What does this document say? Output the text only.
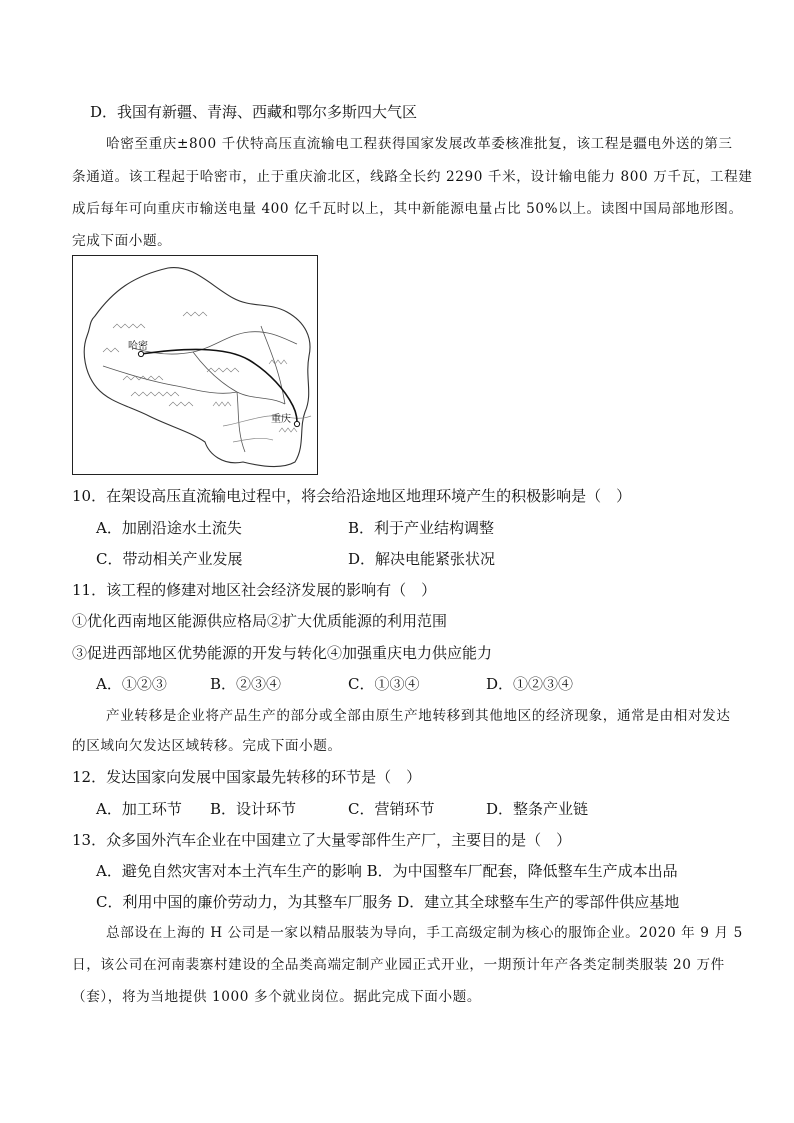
D．我国有新疆、青海、西藏和鄂尔多斯四大气区
哈密至重庆±800 千伏特高压直流输电工程获得国家发展改革委核准批复，该工程是疆电外送的第三
条通道。该工程起于哈密市，止于重庆渝北区，线路全长约 2290 千米，设计输电能力 800 万千瓦，工程建
成后每年可向重庆市输送电量 400 亿千瓦时以上，其中新能源电量占比 50%以上。读图中国局部地形图。
完成下面小题。
哈密
重庆
10．在架设高压直流输电过程中，将会给沿途地区地理环境产生的积极影响是（　）
A．加剧沿途水土流失	B．利于产业结构调整
C．带动相关产业发展	D．解决电能紧张状况
11．该工程的修建对地区社会经济发展的影响有（　）
①优化西南地区能源供应格局②扩大优质能源的利用范围
③促进西部地区优势能源的开发与转化④加强重庆电力供应能力
A．①②③	B．②③④	C．①③④	D．①②③④
产业转移是企业将产品生产的部分或全部由原生产地转移到其他地区的经济现象，通常是由相对发达
的区域向欠发达区域转移。完成下面小题。
12．发达国家向发展中国家最先转移的环节是（　）
A．加工环节 B．设计环节	C．营销环节	D．整条产业链
13．众多国外汽车企业在中国建立了大量零部件生产厂，主要目的是（　）
A．避免自然灾害对本土汽车生产的影响 B．为中国整车厂配套，降低整车生产成本出品
C．利用中国的廉价劳动力，为其整车厂服务 D．建立其全球整车生产的零部件供应基地
总部设在上海的 H 公司是一家以精品服装为导向，手工高级定制为核心的服饰企业。2020 年 9 月 5
日，该公司在河南裴寨村建设的全品类高端定制产业园正式开业，一期预计年产各类定制类服装 20 万件
（套），将为当地提供 1000 多个就业岗位。据此完成下面小题。
